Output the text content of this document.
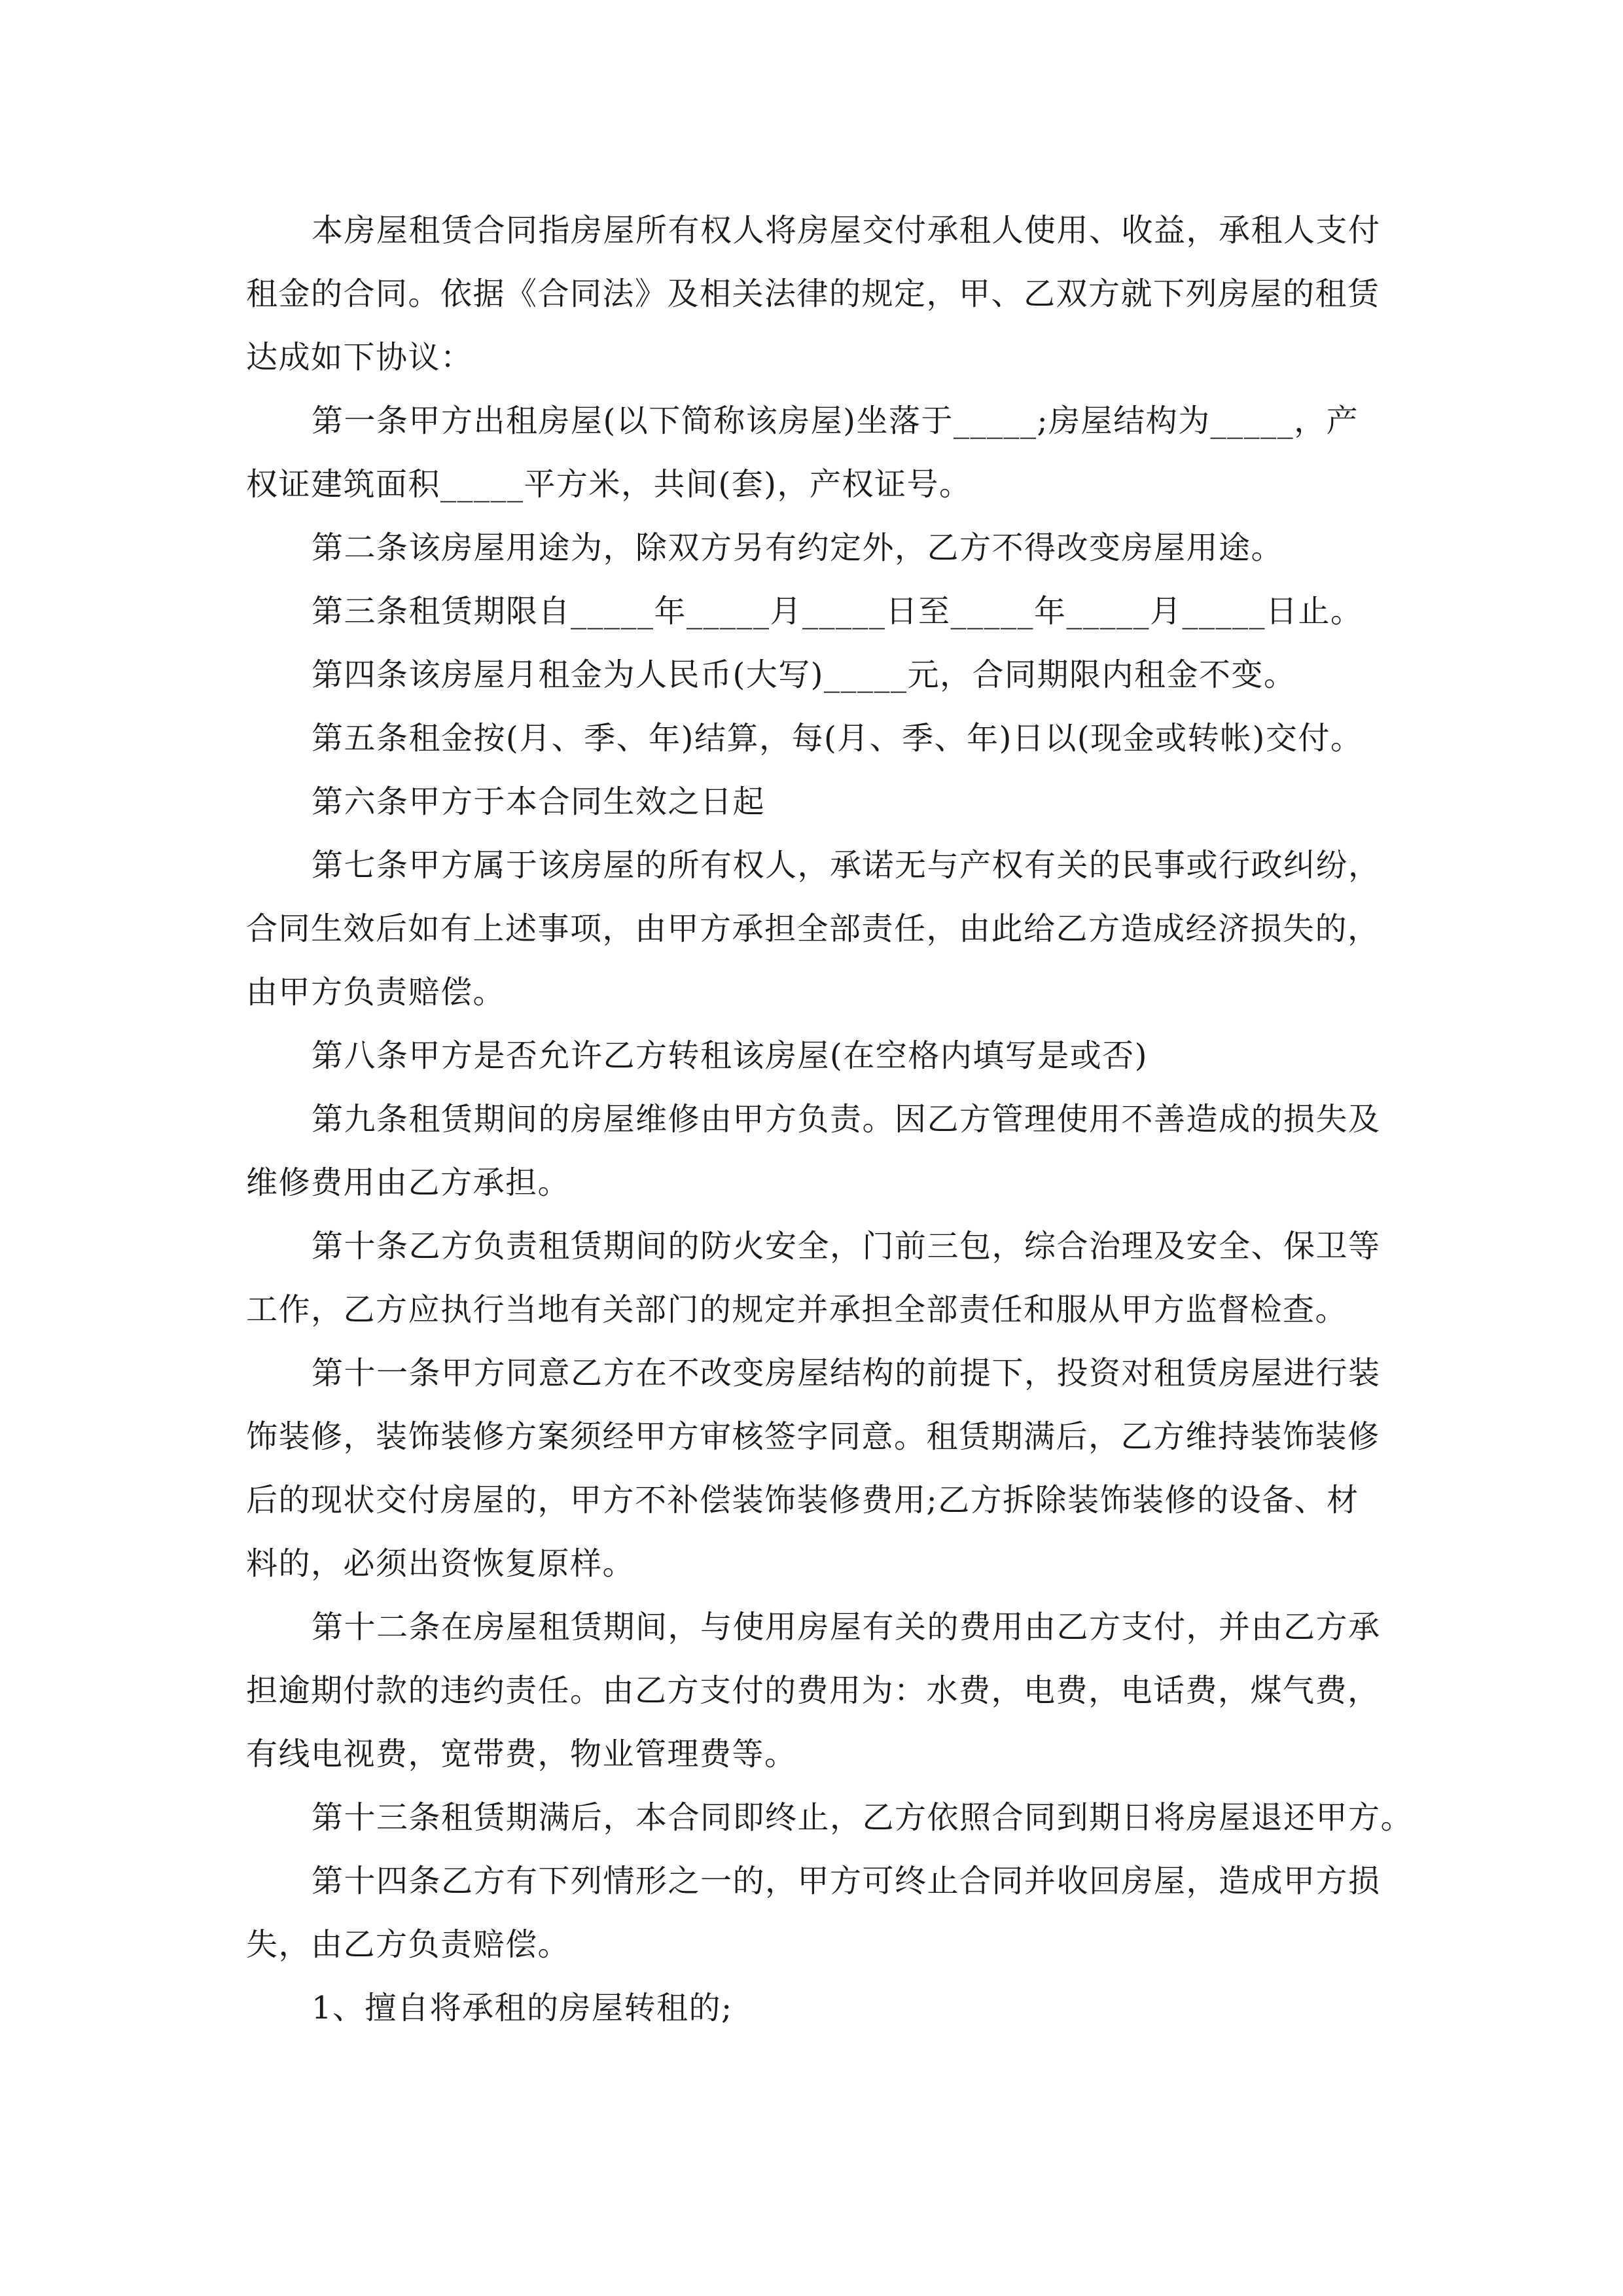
本房屋租赁合同指房屋所有权人将房屋交付承租人使用、收益，承租人支付
租金的合同。依据《合同法》及相关法律的规定，甲、乙双方就下列房屋的租赁
达成如下协议：

第一条甲方出租房屋(以下简称该房屋)坐落于_____;房屋结构为_____，产
权证建筑面积_____平方米，共间(套)，产权证号。

第二条该房屋用途为，除双方另有约定外，乙方不得改变房屋用途。

第三条租赁期限自_____年_____月_____日至_____年_____月_____日止。

第四条该房屋月租金为人民币(大写)_____元，合同期限内租金不变。

第五条租金按(月、季、年)结算，每(月、季、年)日以(现金或转帐)交付。

第六条甲方于本合同生效之日起

第七条甲方属于该房屋的所有权人，承诺无与产权有关的民事或行政纠纷，
合同生效后如有上述事项，由甲方承担全部责任，由此给乙方造成经济损失的，
由甲方负责赔偿。

第八条甲方是否允许乙方转租该房屋(在空格内填写是或否)

第九条租赁期间的房屋维修由甲方负责。因乙方管理使用不善造成的损失及
维修费用由乙方承担。

第十条乙方负责租赁期间的防火安全，门前三包，综合治理及安全、保卫等
工作，乙方应执行当地有关部门的规定并承担全部责任和服从甲方监督检查。

第十一条甲方同意乙方在不改变房屋结构的前提下，投资对租赁房屋进行装
饰装修，装饰装修方案须经甲方审核签字同意。租赁期满后，乙方维持装饰装修
后的现状交付房屋的，甲方不补偿装饰装修费用;乙方拆除装饰装修的设备、材
料的，必须出资恢复原样。

第十二条在房屋租赁期间，与使用房屋有关的费用由乙方支付，并由乙方承
担逾期付款的违约责任。由乙方支付的费用为：水费，电费，电话费，煤气费，
有线电视费，宽带费，物业管理费等。

第十三条租赁期满后，本合同即终止，乙方依照合同到期日将房屋退还甲方。

第十四条乙方有下列情形之一的，甲方可终止合同并收回房屋，造成甲方损
失，由乙方负责赔偿。

1、擅自将承租的房屋转租的;
